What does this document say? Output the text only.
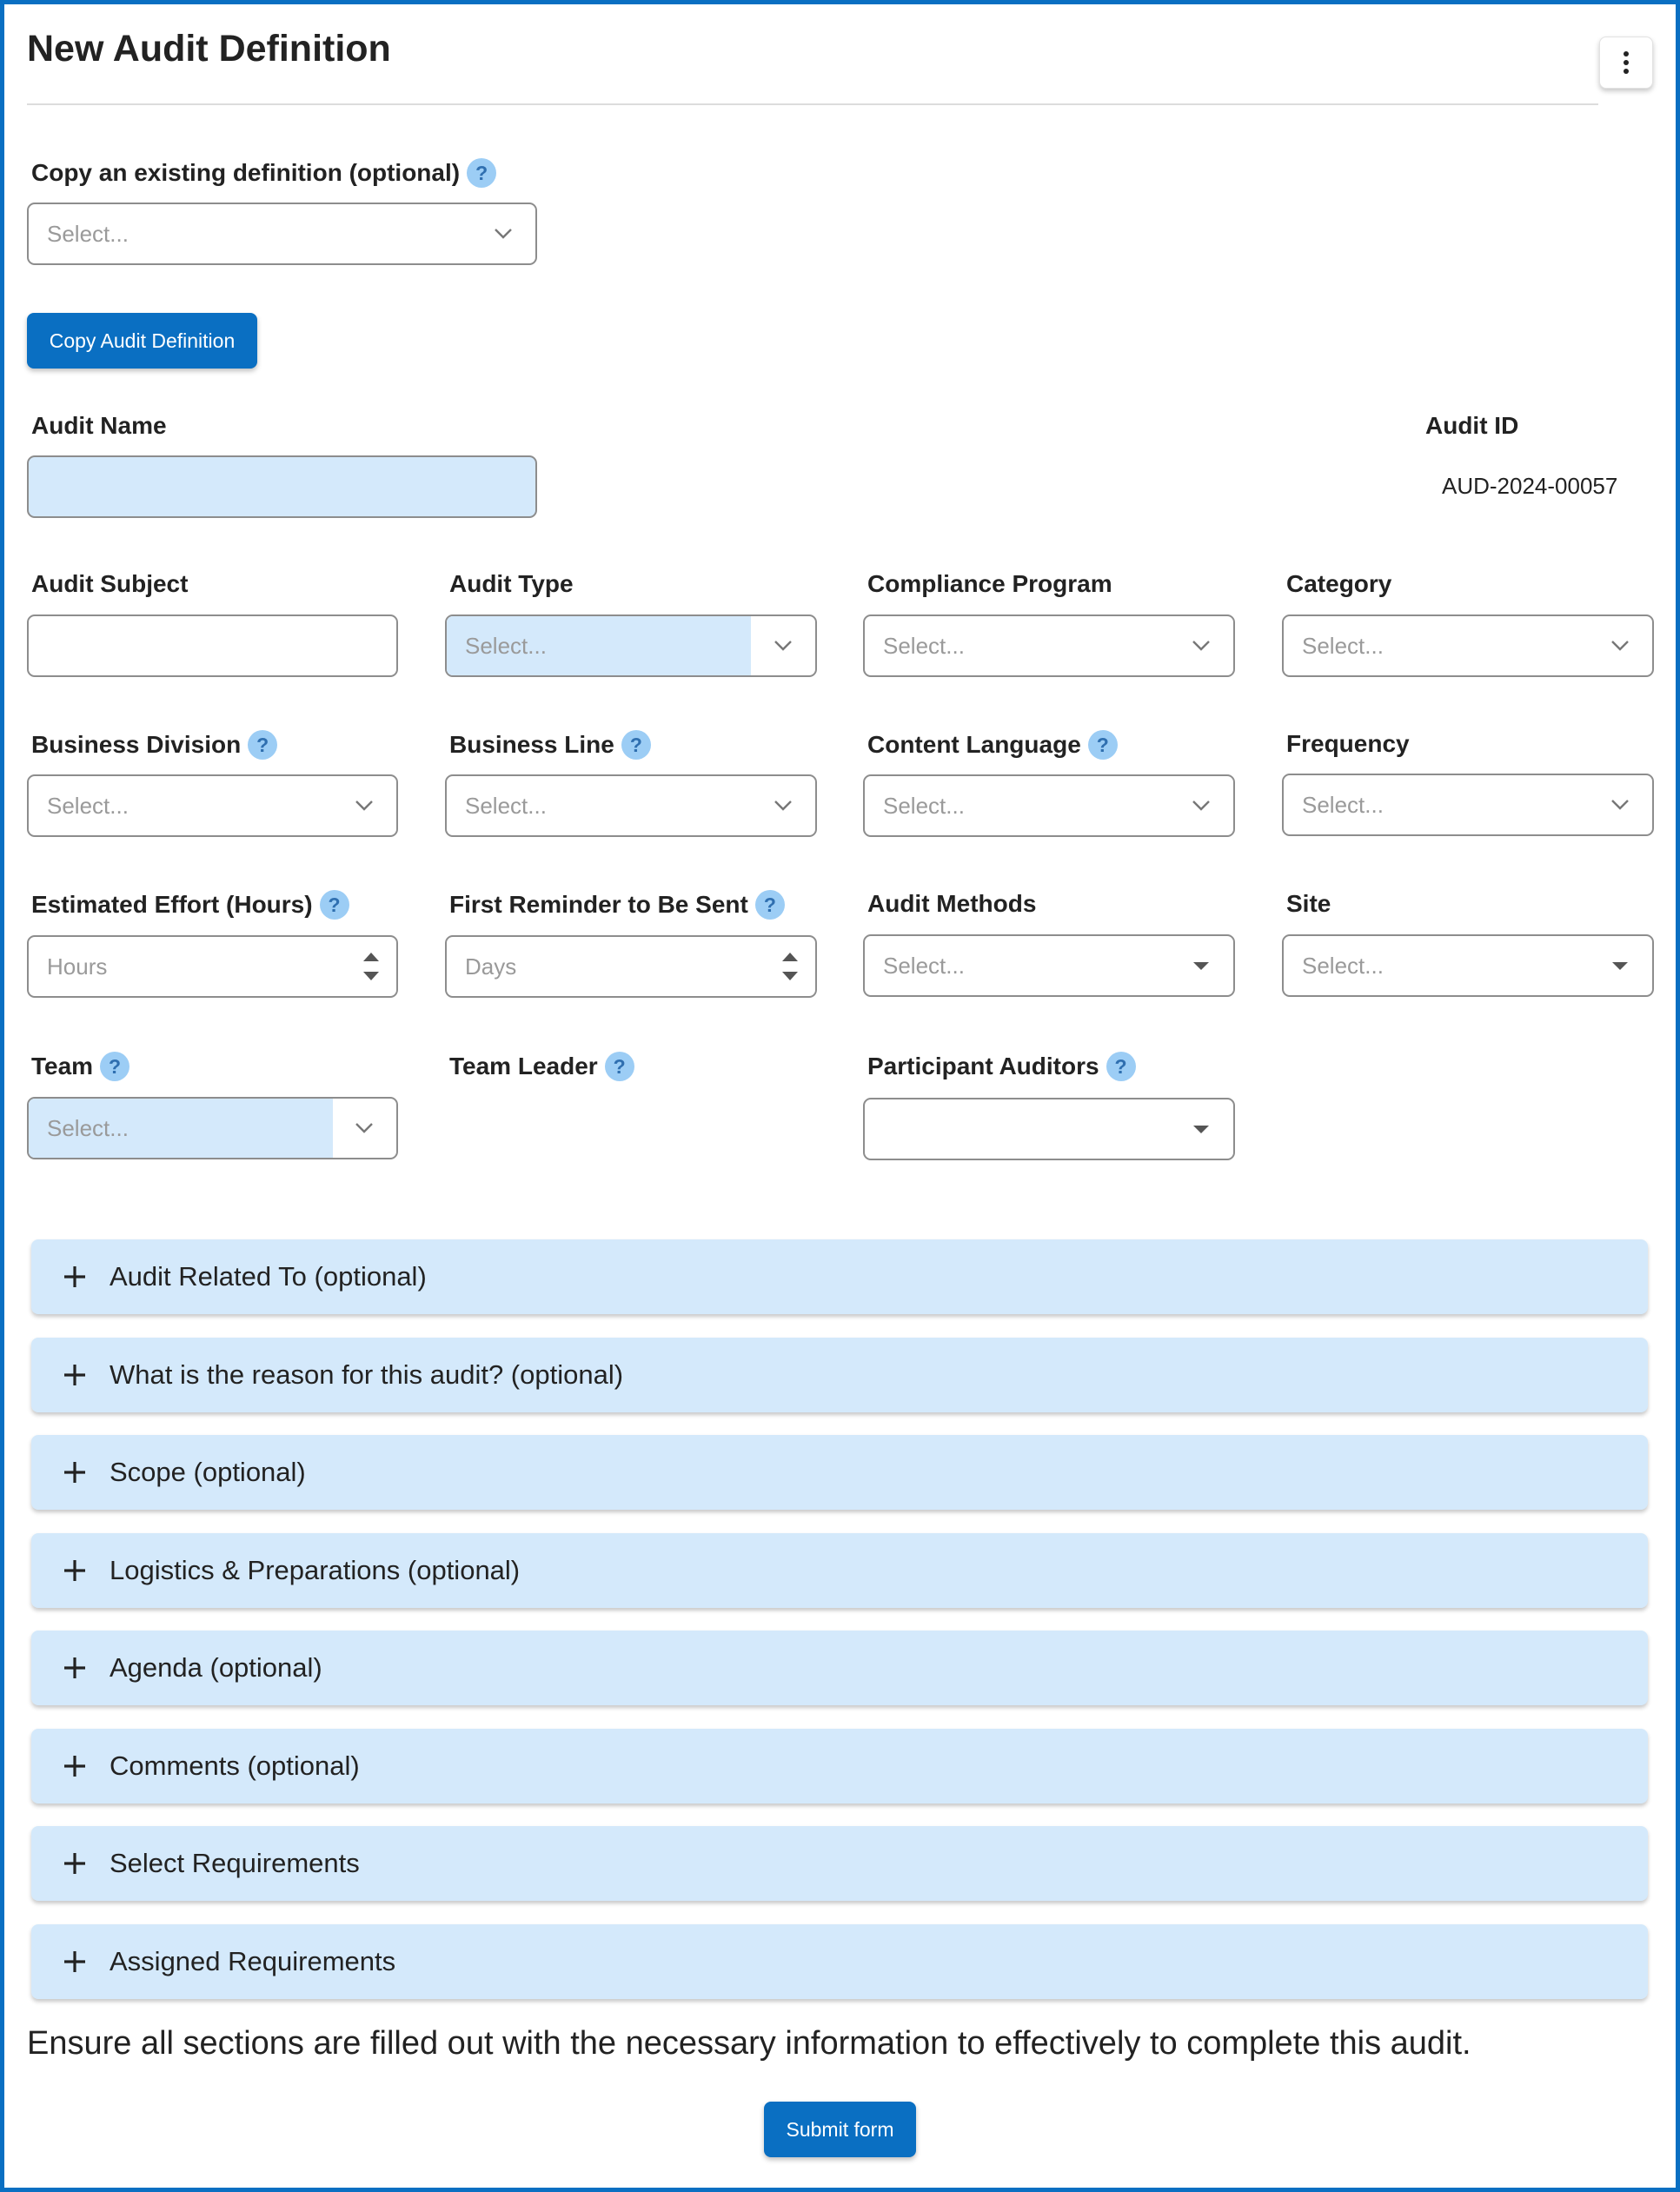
New Audit Definition
Copy an existing definition (optional) ?
Select...
Copy Audit Definition
Audit Name	Audit ID
AUD-2024-00057
Audit Subject	Audit Type
Select...
Compliance Program
Select...
Category
Select...
Business Division ?
Select...
Business Line ?
Select...
Content Language ?
Select...
Frequency
Select...
Estimated Effort (Hours) ?
Hours
First Reminder to Be Sent ?
Days
Audit Methods
Select...
Site
Select...
Team ?
Select...
Team Leader ?	Participant Auditors ?
Audit Related To (optional)
What is the reason for this audit? (optional)
Scope (optional)
Logistics & Preparations (optional)
Agenda (optional)
Comments (optional)
Select Requirements
Assigned Requirements
Ensure all sections are filled out with the necessary information to effectively to complete this audit.
Submit form
